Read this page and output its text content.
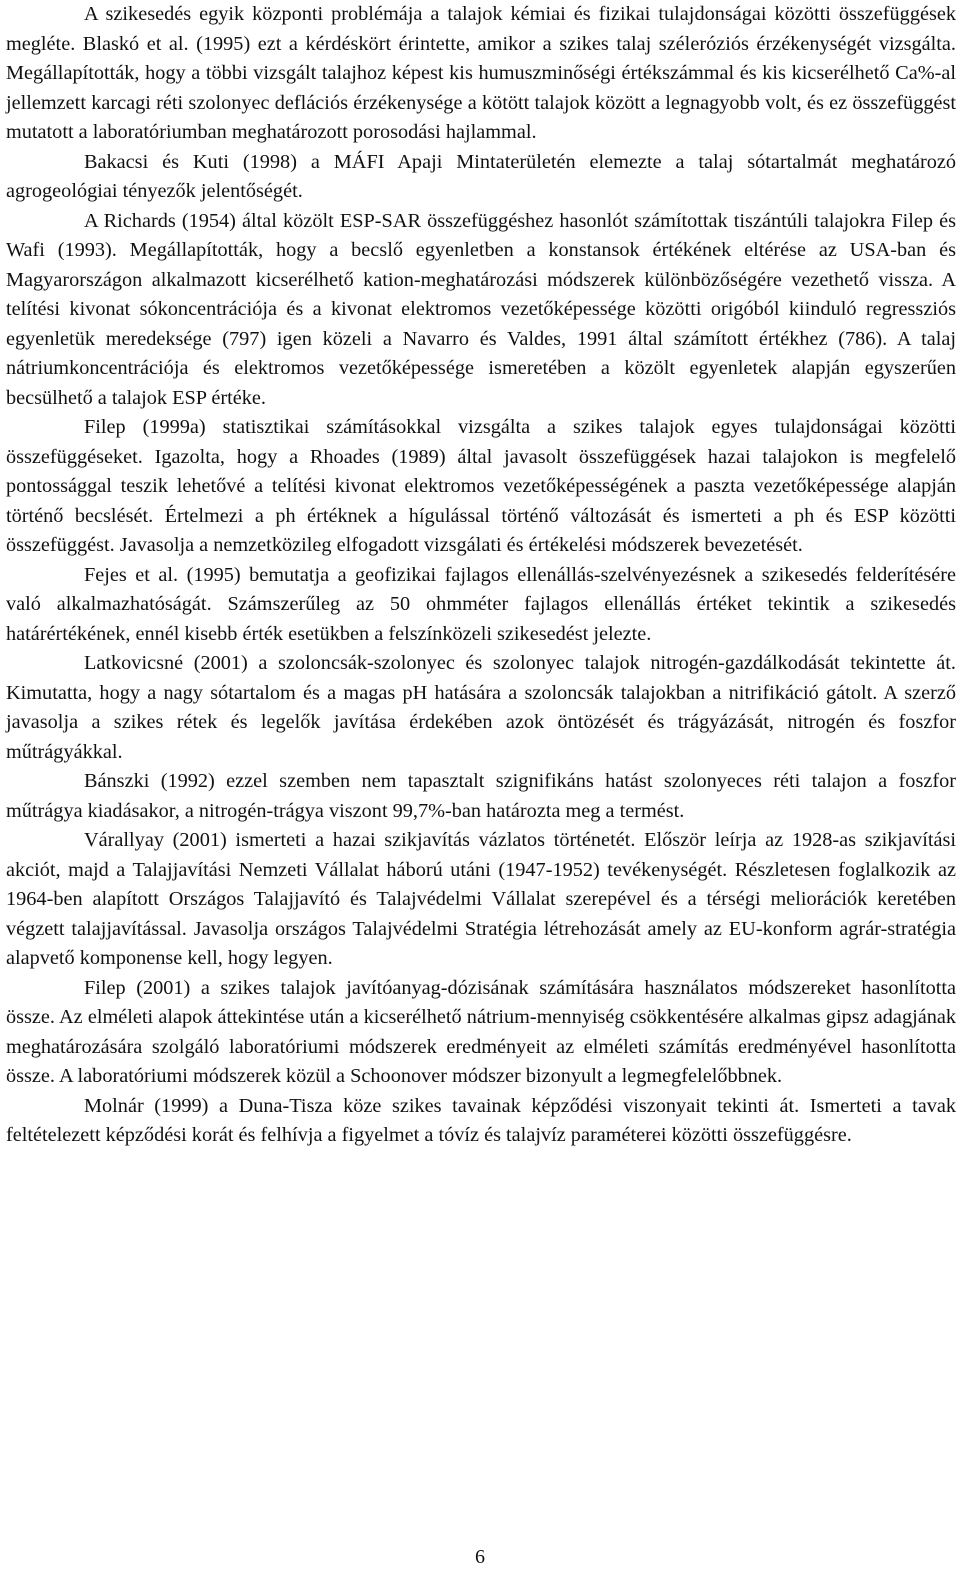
A szikesedés egyik központi problémája a talajok kémiai és fizikai tulajdonságai közötti összefüggések megléte. Blaskó et al. (1995) ezt a kérdéskört érintette, amikor a szikes talaj széleróziós érzékenységét vizsgálta. Megállapították, hogy a többi vizsgált talajhoz képest kis humuszminőségi értékszámmal és kis kicserélhető Ca%-al jellemzett karcagi réti szolonyec deflációs érzékenysége a kötött talajok között a legnagyobb volt, és ez összefüggést mutatott a laboratóriumban meghatározott porosodási hajlammal.

Bakacsi és Kuti (1998) a MÁFI Apaji Mintaterületén elemezte a talaj sótartalmát meghatározó agrogeológiai tényezők jelentőségét.

A Richards (1954) által közölt ESP-SAR összefüggéshez hasonlót számítottak tiszántúli talajokra Filep és Wafi (1993). Megállapították, hogy a becslő egyenletben a konstansok értékének eltérése az USA-ban és Magyarországon alkalmazott kicserélhető kation-meghatározási módszerek különbözőségére vezethető vissza. A telítési kivonat sókoncentrációja és a kivonat elektromos vezetőképessége közötti origóból kiinduló regressziós egyenletük meredeksége (797) igen közeli a Navarro és Valdes, 1991 által számított értékhez (786). A talaj nátriumkoncentrációja és elektromos vezetőképessége ismeretében a közölt egyenletek alapján egyszerűen becsülhető a talajok ESP értéke.

Filep (1999a) statisztikai számításokkal vizsgálta a szikes talajok egyes tulajdonságai közötti összefüggéseket. Igazolta, hogy a Rhoades (1989) által javasolt összefüggések hazai talajokon is megfelelő pontossággal teszik lehetővé a telítési kivonat elektromos vezetőképességének a paszta vezetőképessége alapján történő becslését. Értelmezi a ph értéknek a hígulással történő változását és ismerteti a ph és ESP közötti összefüggést. Javasolja a nemzetközileg elfogadott vizsgálati és értékelési módszerek bevezetését.

Fejes et al. (1995) bemutatja a geofizikai fajlagos ellenállás-szelvényezésnek a szikesedés felderítésére való alkalmazhatóságát. Számszerűleg az 50 ohmméter fajlagos ellenállás értéket tekintik a szikesedés határértékének, ennél kisebb érték esetükben a felszínközeli szikesedést jelezte.

Latkovicsné (2001) a szoloncsák-szolonyec és szolonyec talajok nitrogén-gazdálkodását tekintette át. Kimutatta, hogy a nagy sótartalom és a magas pH hatására a szoloncsák talajokban a nitrifikáció gátolt. A szerző javasolja a szikes rétek és legelők javítása érdekében azok öntözését és trágyázását, nitrogén és foszfor műtrágyákkal.

Bánszki (1992) ezzel szemben nem tapasztalt szignifikáns hatást szolonyeces réti talajon a foszfor műtrágya kiadásakor, a nitrogén-trágya viszont 99,7%-ban határozta meg a termést.

Várallyay (2001) ismerteti a hazai szikjavítás vázlatos történetét. Először leírja az 1928-as szikjavítási akciót, majd a Talajjavítási Nemzeti Vállalat háború utáni (1947-1952) tevékenységét. Részletesen foglalkozik az 1964-ben alapított Országos Talajjavító és Talajvédelmi Vállalat szerepével és a térségi meliorációk keretében végzett talajjavítással. Javasolja országos Talajvédelmi Stratégia létrehozását amely az EU-konform agrár-stratégia alapvető komponense kell, hogy legyen.

Filep (2001) a szikes talajok javítóanyag-dózisának számítására használatos módszereket hasonlította össze. Az elméleti alapok áttekintése után a kicserélhető nátrium-mennyiség csökkentésére alkalmas gipsz adagjának meghatározására szolgáló laboratóriumi módszerek eredményeit az elméleti számítás eredményével hasonlította össze. A laboratóriumi módszerek közül a Schoonover módszer bizonyult a legmegfelelőbbnek.

Molnár (1999) a Duna-Tisza köze szikes tavainak képződési viszonyait tekinti át. Ismerteti a tavak feltételezett képződési korát és felhívja a figyelmet a tóvíz és talajvíz paraméterei közötti összefüggésre.

6
